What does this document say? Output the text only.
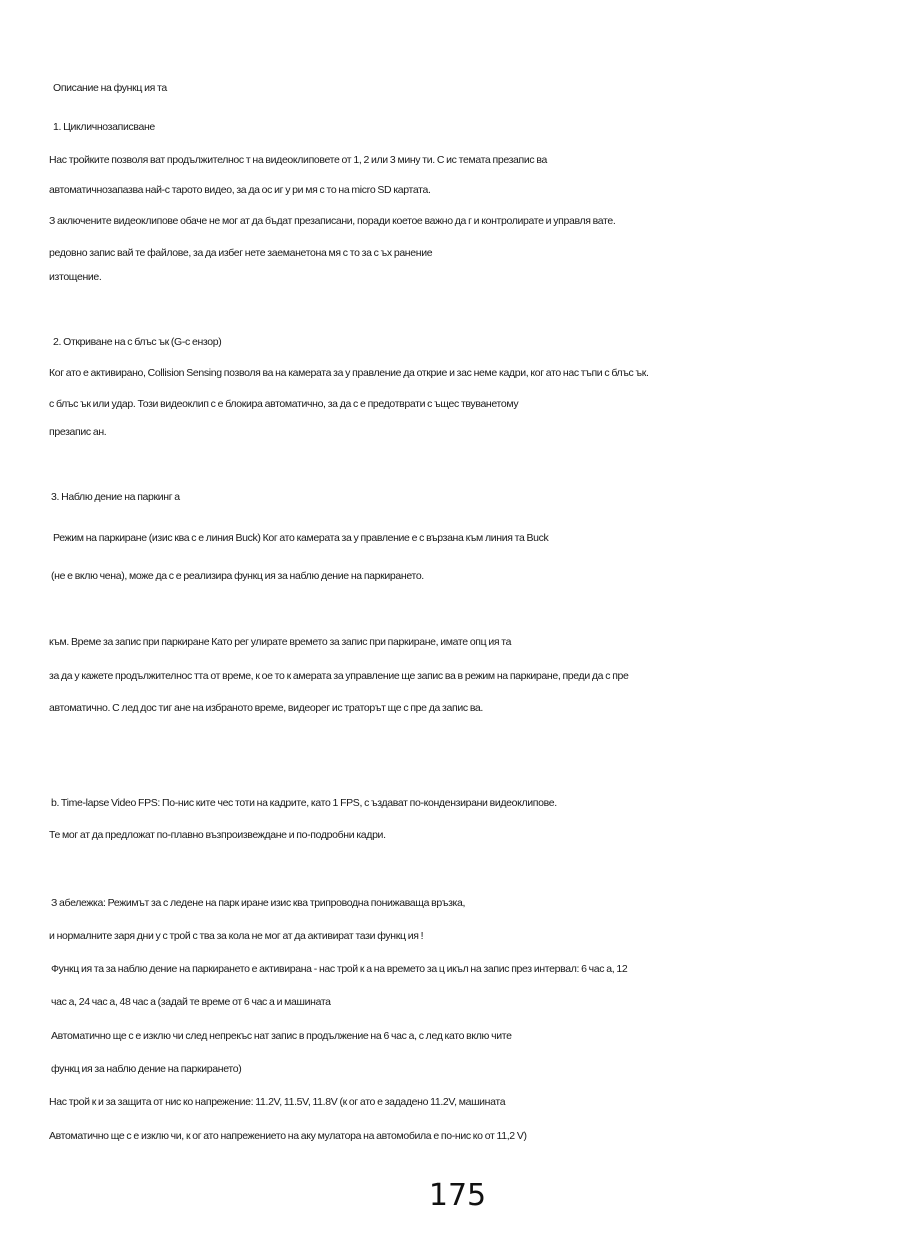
Описание на функц ия та

1. Цикличнозаписване

Нас тройките позволя ват продължителнос т на видеоклиповете от 1, 2 или 3 мину ти. С ис темата презапис ва

автоматичнозапазва най-с тарото видео, за да ос иг у ри мя с то на micro SD картата.

З аключените видеоклипове обаче не мог ат да бъдат презаписани, поради коетое важно да г и контролирате и управля вате.

редовно запис вай те файлове, за да избег нете заеманетона мя с то за с ъх ранение

изтощение.

2. Откриване на с блъс ък (G-с ензор)

Ког ато е активирано, Collision Sensing позволя ва на камерата за у правление да открие и зас неме кадри, ког ато нас тъпи с блъс ък.

с блъс ък или удар. Този видеоклип с е блокира автоматично, за да с е предотврати с ъщес твуванетому

презапис ан.

3. Наблю дение на паркинг а

Режим на паркиране (изис ква с е линия Buck) Ког ато камерата за у правление е с вързана към линия та Buck

(не е вклю чена), може да с е реализира функц ия за наблю дение на паркирането.

към. Време за запис при паркиране Като рег улирате времето за запис при паркиране, имате опц ия та

за да у кажете продължителнос тта от време, к ое то к амерата за управление ще запис ва в режим на паркиране, преди да с пре

автоматично. С лед дос тиг ане на избраното време, видеорег ис траторът ще с пре да запис ва.

b. Time-lapse Video FPS: По-нис ките чес тоти на кадрите, като 1 FPS, с ъздават по-кондензирани видеоклипове.

Те мог ат да предложат по-плавно възпроизвеждане и по-подробни кадри.

З абележка: Режимът за с ледене на парк иране изис ква трипроводна понижаваща връзка,

и нормалните заря дни у с трой с тва за кола не мог ат да активират тази функц ия !

Функц ия та за наблю дение на паркирането е активирана - нас трой к а на времето за ц икъл на запис през интервал: 6 час а, 12

час а, 24 час а, 48 час а (задай те време от 6 час а и машината

Автоматично ще с е изклю чи след непрекъс нат запис в продължение на 6 час а, с лед като вклю чите

функц ия за наблю дение на паркирането)

Нас трой к и за защита от нис ко напрежение: 11.2V, 11.5V, 11.8V (к ог ато е зададено 11.2V, машината

Автоматично ще с е изклю чи, к ог ато напрежението на аку мулатора на автомобила е по-нис ко от 11,2 V)

175
